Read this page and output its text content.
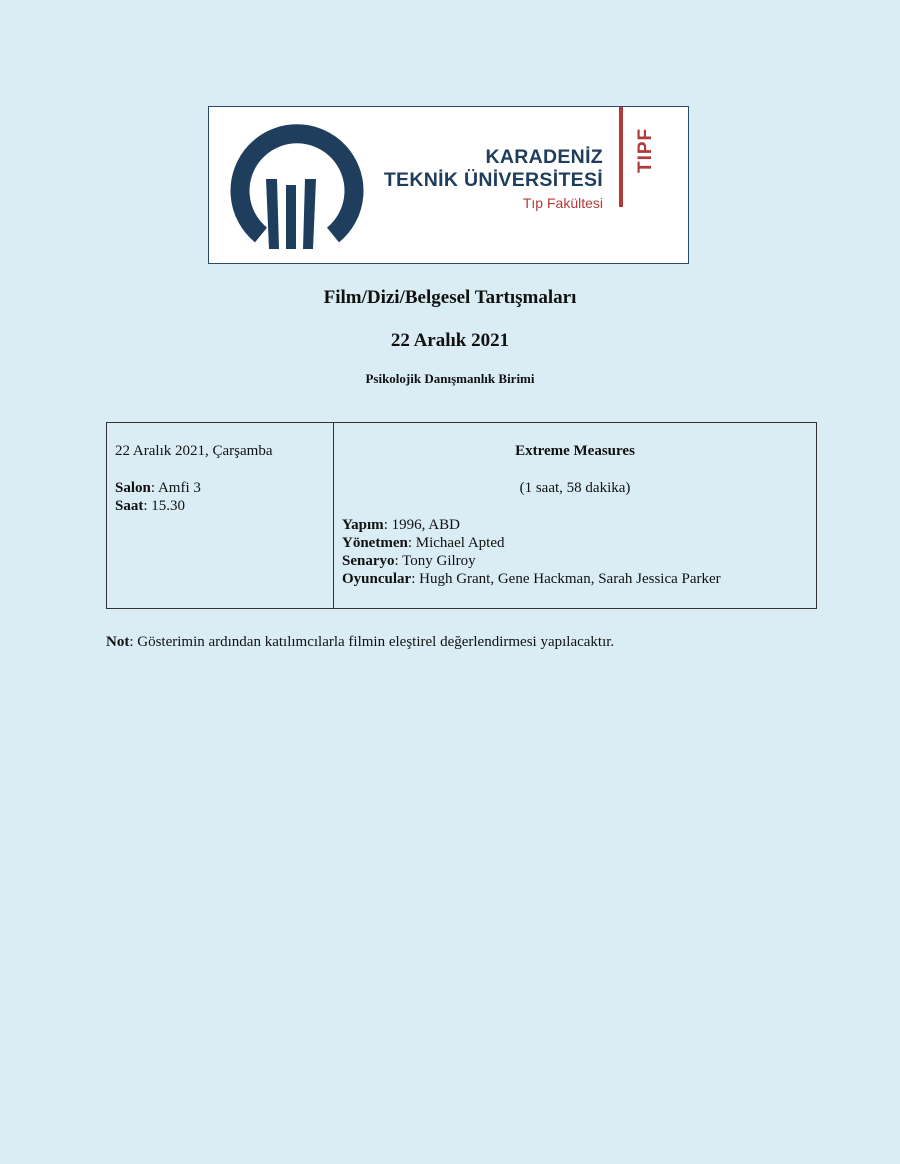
KARADENİZ
TEKNİK ÜNİVERSİTESİ
Tıp Fakültesi
TIPF
Film/Dizi/Belgesel Tartışmaları
22 Aralık 2021
Psikolojik Danışmanlık Birimi
22 Aralık 2021, Çarşamba
Salon: Amfi 3
Saat: 15.30

Extreme Measures
(1 saat, 58 dakika)
Yapım: 1996, ABD
Yönetmen: Michael Apted
Senaryo: Tony Gilroy
Oyuncular: Hugh Grant, Gene Hackman, Sarah Jessica Parker
Not: Gösterimin ardından katılımcılarla filmin eleştirel değerlendirmesi yapılacaktır.
